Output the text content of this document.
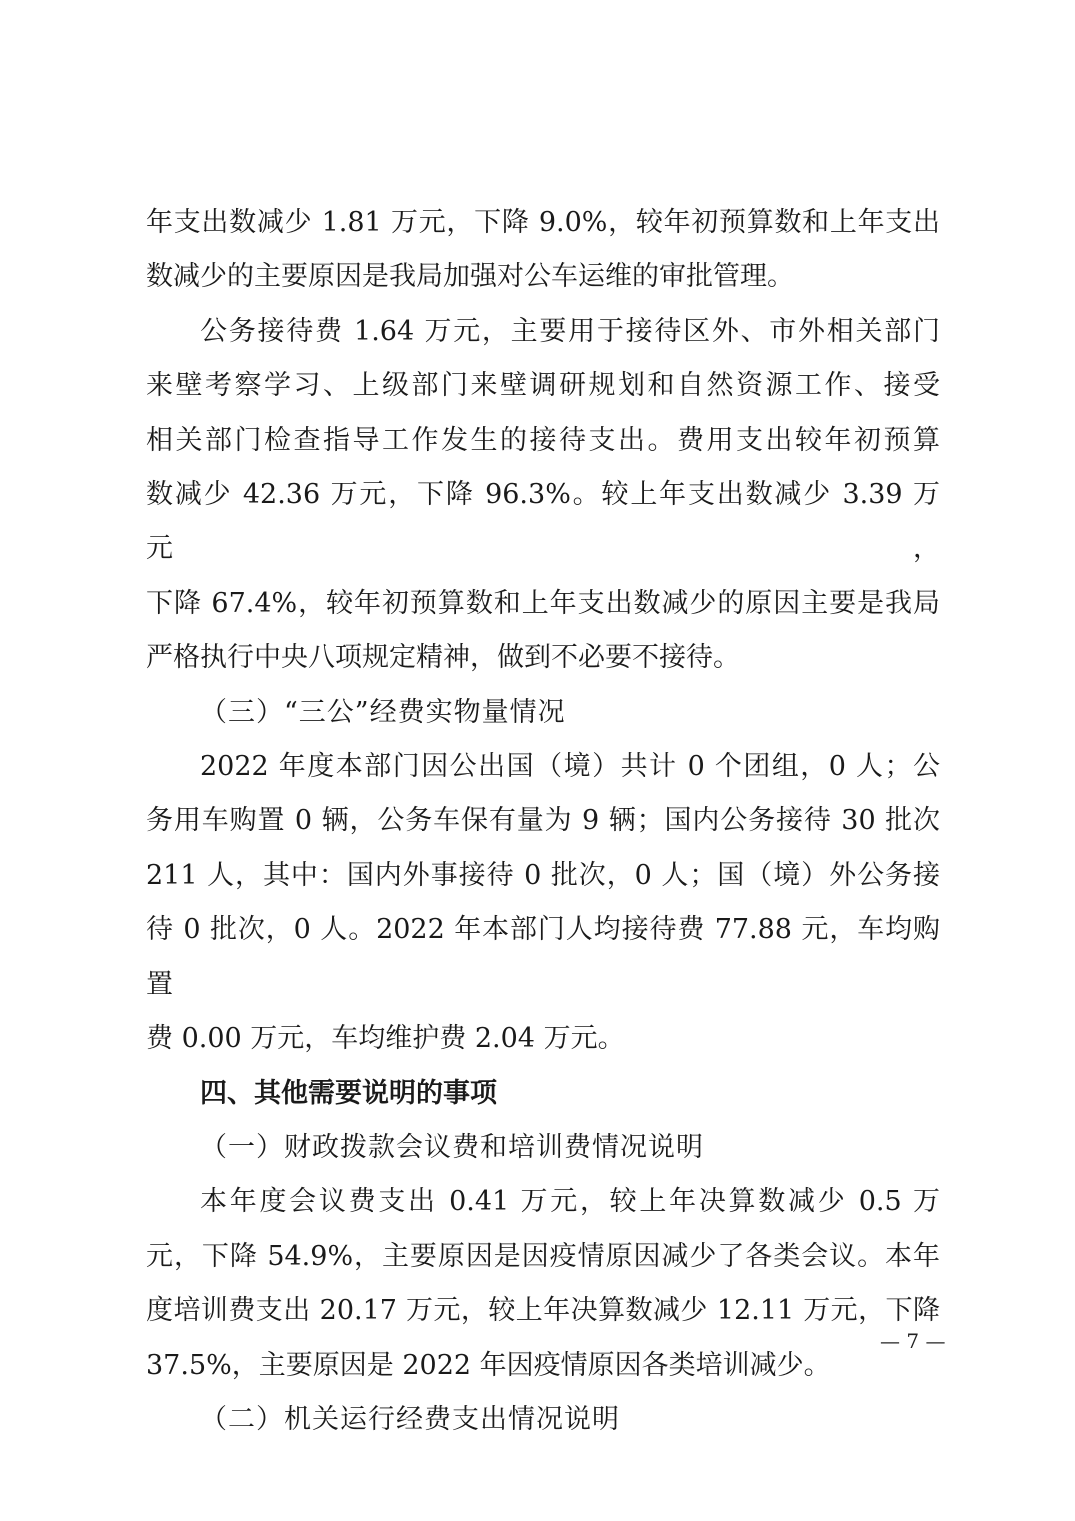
年支出数减少 1.81 万元，下降 9.0%，较年初预算数和上年支出
数减少的主要原因是我局加强对公车运维的审批管理。
公务接待费 1.64 万元，主要用于接待区外、市外相关部门
来壁考察学习、上级部门来壁调研规划和自然资源工作、接受
相关部门检查指导工作发生的接待支出。费用支出较年初预算
数减少 42.36 万元，下降 96.3%。较上年支出数减少 3.39 万元，
下降 67.4%，较年初预算数和上年支出数减少的原因主要是我局
严格执行中央八项规定精神，做到不必要不接待。
（三）“三公”经费实物量情况
2022 年度本部门因公出国（境）共计 0 个团组，0 人；公
务用车购置 0 辆，公务车保有量为 9 辆；国内公务接待 30 批次
211 人，其中：国内外事接待 0 批次，0 人；国（境）外公务接
待 0 批次，0 人。2022 年本部门人均接待费 77.88 元，车均购置
费 0.00 万元，车均维护费 2.04 万元。
四、其他需要说明的事项
（一）财政拨款会议费和培训费情况说明
本年度会议费支出 0.41 万元，较上年决算数减少 0.5 万
元，下降 54.9%，主要原因是因疫情原因减少了各类会议。本年
度培训费支出 20.17 万元，较上年决算数减少 12.11 万元，下降
37.5%，主要原因是 2022 年因疫情原因各类培训减少。
（二）机关运行经费支出情况说明
— 7 —
